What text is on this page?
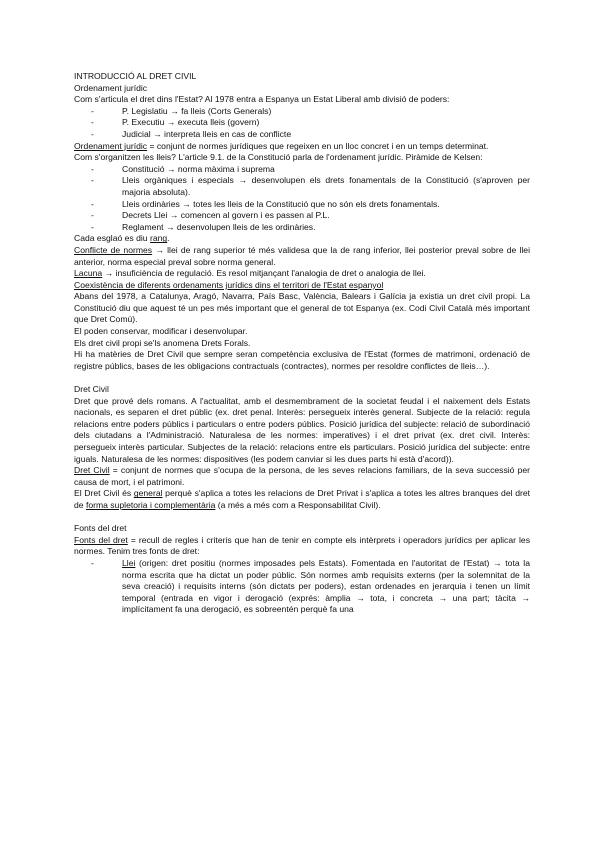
INTRODUCCIÓ AL DRET CIVIL

Ordenament jurídic

Com s'articula el dret dins l'Estat? Al 1978 entra a Espanya un Estat Liberal amb divisió de poders:

-	P. Legislatiu → fa lleis (Corts Generals)
-	P. Executiu → executa lleis (govern)
-	Judicial → interpreta lleis en cas de conflicte

Ordenament jurídic = conjunt de normes jurídiques que regeixen en un lloc concret i en un temps determinat.

Com s'organitzen les lleis? L'article 9.1. de la Constitució parla de l'ordenament jurídic. Piràmide de Kelsen:

-	Constitució → norma màxima i suprema
-	Lleis orgàniques i especials → desenvolupen els drets fonamentals de la Constitució (s'aproven per majoria absoluta).
-	Lleis ordinàries → totes les lleis de la Constitució que no són els drets fonamentals.
-	Decrets Llei → comencen al govern i es passen al P.L.
-	Reglament → desenvolupen lleis de les ordinàries.

Cada esglaó es diu rang.

Conflicte de normes → llei de rang superior té més validesa que la de rang inferior, llei posterior preval sobre de llei anterior, norma especial preval sobre norma general.

Lacuna → insuficiència de regulació. Es resol mitjançant l'analogia de dret o analogia de llei.

Coexistència de diferents ordenaments jurídics dins el territori de l'Estat espanyol

Abans del 1978, a Catalunya, Aragó, Navarra, País Basc, València, Balears i Galícia ja existia un dret civil propi. La Constitució diu que aquest té un pes més important que el general de tot Espanya (ex. Codi Civil Català més important que Dret Comú).

El poden conservar, modificar i desenvolupar.

Els dret civil propi se'ls anomena Drets Forals.

Hi ha matèries de Dret Civil que sempre seran competència exclusiva de l'Estat (formes de matrimoni, ordenació de registre públics, bases de les obligacions contractuals (contractes), normes per resoldre conflictes de lleis…).

Dret Civil

Dret que prové dels romans. A l'actualitat, amb el desmembrament de la societat feudal i el naixement dels Estats nacionals, es separen el dret públic (ex. dret penal. Interès: persegueix interès general. Subjecte de la relació: regula relacions entre poders públics i particulars o entre poders públics. Posició jurídica del subjecte: relació de subordinació dels ciutadans a l'Administració. Naturalesa de les normes: imperatives) i el dret privat (ex. dret civil. Interès: persegueix interès particular. Subjectes de la relació: relacions entre els particulars. Posició jurídica del subjecte: entre iguals. Naturalesa de les normes: dispositives (les podem canviar si les dues parts hi està d'acord)).

Dret Civil = conjunt de normes que s'ocupa de la persona, de les seves relacions familiars, de la seva successió per causa de mort, i el patrimoni.

El Dret Civil és general perquè s'aplica a totes les relacions de Dret Privat i s'aplica a totes les altres branques del dret de forma supletoria i complementària (a més a més com a Responsabilitat Civil).

Fonts del dret

Fonts del dret = recull de regles i criteris que han de tenir en compte els intèrprets i operadors jurídics per aplicar les normes. Tenim tres fonts de dret:

-	Llei (origen: dret positiu (normes imposades pels Estats). Fomentada en l'autoritat de l'Estat) → tota la norma escrita que ha dictat un poder públic. Són normes amb requisits externs (per la solemnitat de la seva creació) i requisits interns (són dictats per poders), estan ordenades en jerarquia i tenen un límit temporal (entrada en vigor i derogació (exprés: àmplia → tota, i concreta → una part; tàcita → implícitament fa una derogació, es sobreentén perquè fa una
